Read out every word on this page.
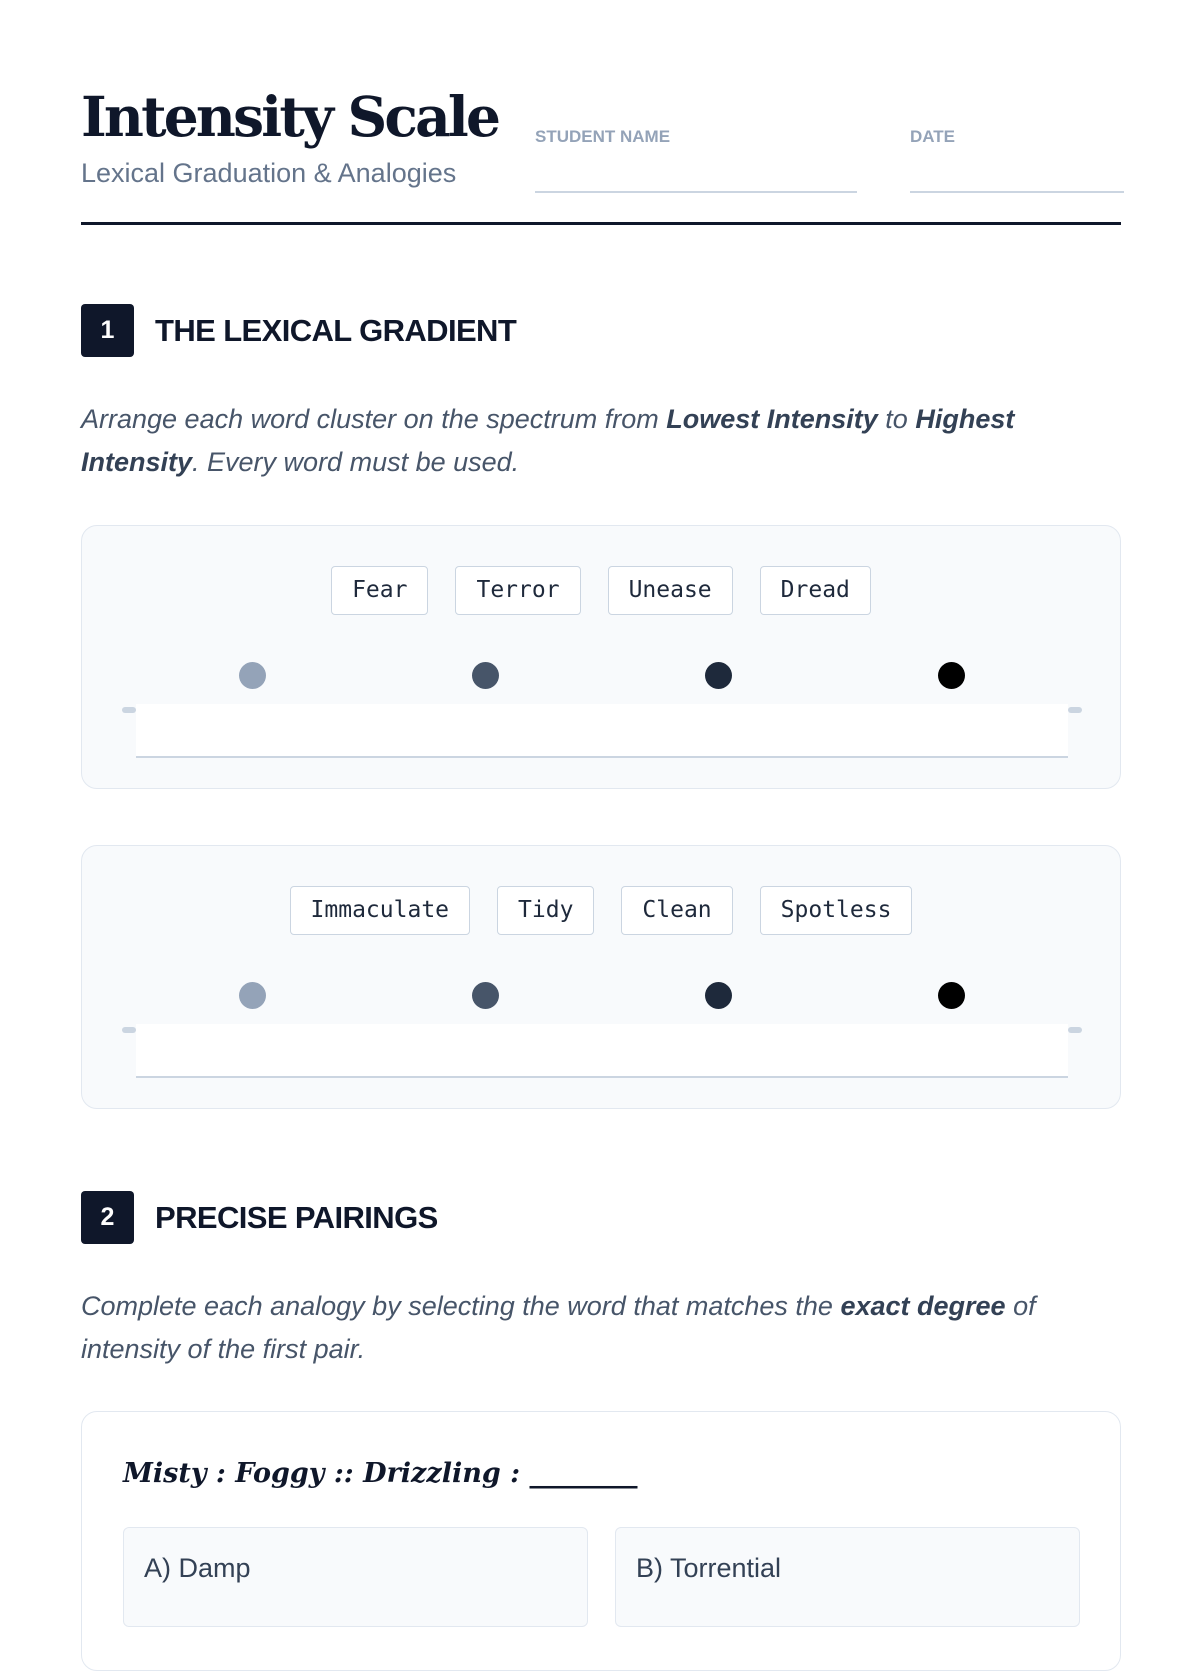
Intensity Scale
Lexical Graduation & Analogies
STUDENT NAME	DATE
1	THE LEXICAL GRADIENT
Arrange each word cluster on the spectrum from Lowest Intensity to Highest Intensity. Every word must be used.
Fear	Terror	Unease	Dread
Immaculate	Tidy	Clean	Spotless
2	PRECISE PAIRINGS
Complete each analogy by selecting the word that matches the exact degree of intensity of the first pair.
Misty : Foggy :: Drizzling : ________
A) Damp	B) Torrential
